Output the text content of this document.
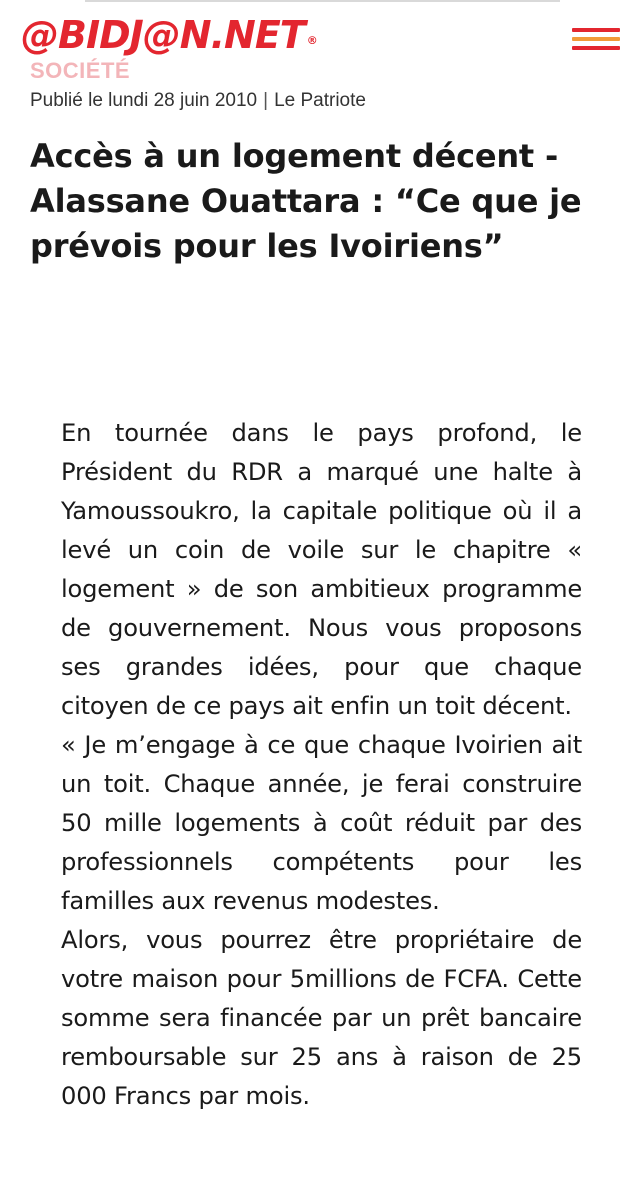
@BIDJ@N.NET ®
SOCIÉTÉ
Publié le lundi 28 juin 2010 | Le Patriote
Accès à un logement décent - Alassane Ouattara : “Ce que je prévois pour les Ivoiriens”

En tournée dans le pays profond, le Président du RDR a marqué une halte à Yamoussoukro, la capitale politique où il a levé un coin de voile sur le chapitre « logement » de son ambitieux programme de gouvernement. Nous vous proposons ses grandes idées, pour que chaque citoyen de ce pays ait enfin un toit décent.

« Je m’engage à ce que chaque Ivoirien ait un toit. Chaque année, je ferai construire 50 mille logements à coût réduit par des professionnels compétents pour les familles aux revenus modestes.

Alors, vous pourrez être propriétaire de votre maison pour 5millions de FCFA. Cette somme sera financée par un prêt bancaire remboursable sur 25 ans à raison de 25 000 Francs par mois.
